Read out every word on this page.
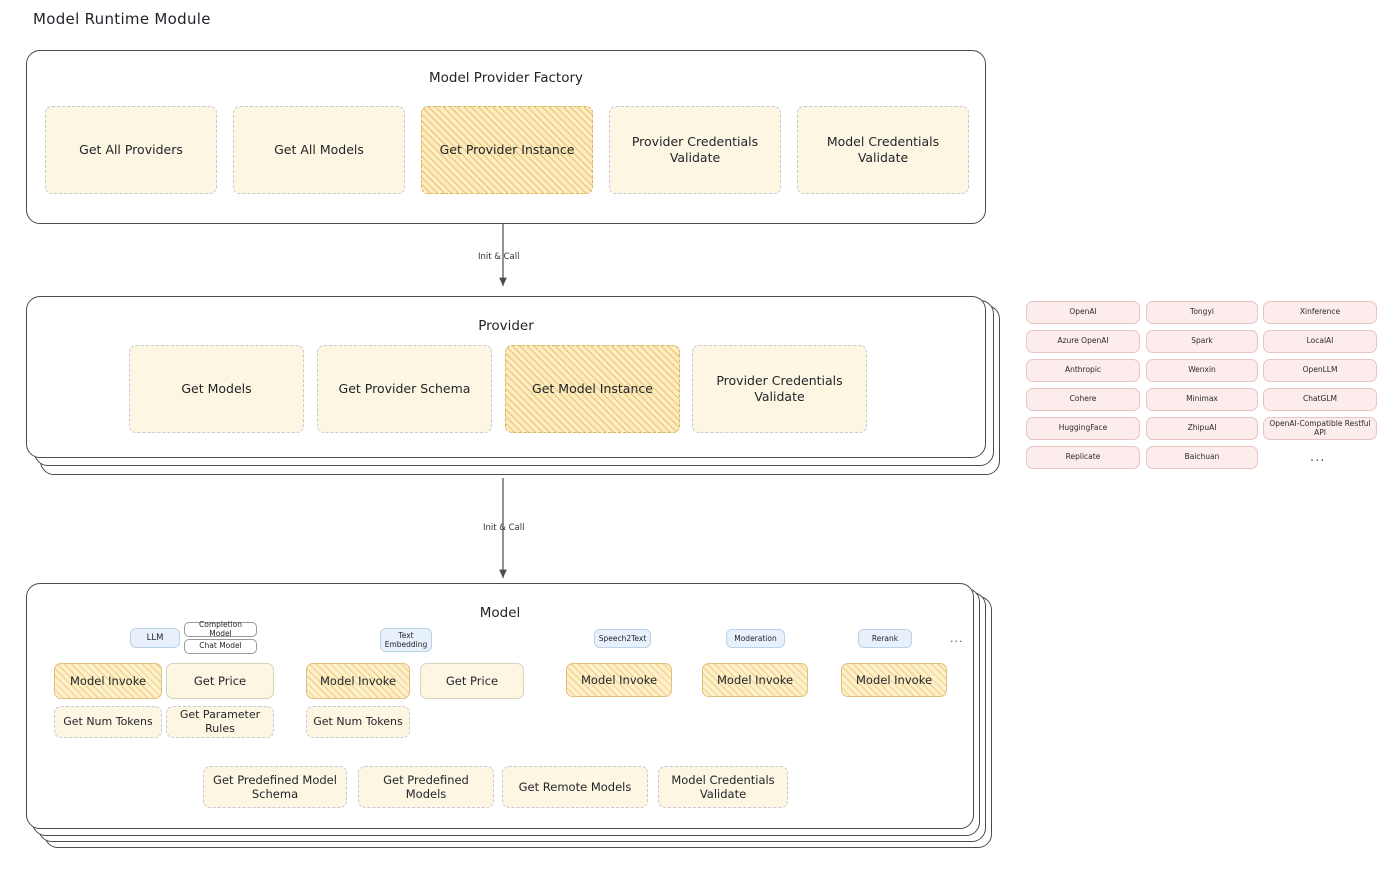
Model Runtime Module
Init & Call
Init & Call
Model Provider Factory
Get All Providers	Get All Models	Get Provider Instance
Provider Credentials Validate
Model Credentials Validate
Provider
Get Models	Get Provider Schema	Get Model Instance
Provider Credentials Validate
OpenAI
Azure OpenAI
Anthropic
Cohere
HuggingFace
Replicate
Tongyi
Spark
Wenxin
Minimax
ZhipuAI
Baichuan
Xinference
LocalAI
OpenLLM
ChatGLM
OpenAI-Compatible Restful API
...
Model
LLM
Completion Model
Chat Model
Text Embedding
Speech2Text	Moderation	Rerank	...
Model Invoke	Get Price
Get Num Tokens
Get Parameter Rules
Model Invoke	Get Price
Get Num Tokens
Model Invoke	Model Invoke	Model Invoke
Get Predefined Model Schema
Get Predefined Models
Get Remote Models
Model Credentials Validate
